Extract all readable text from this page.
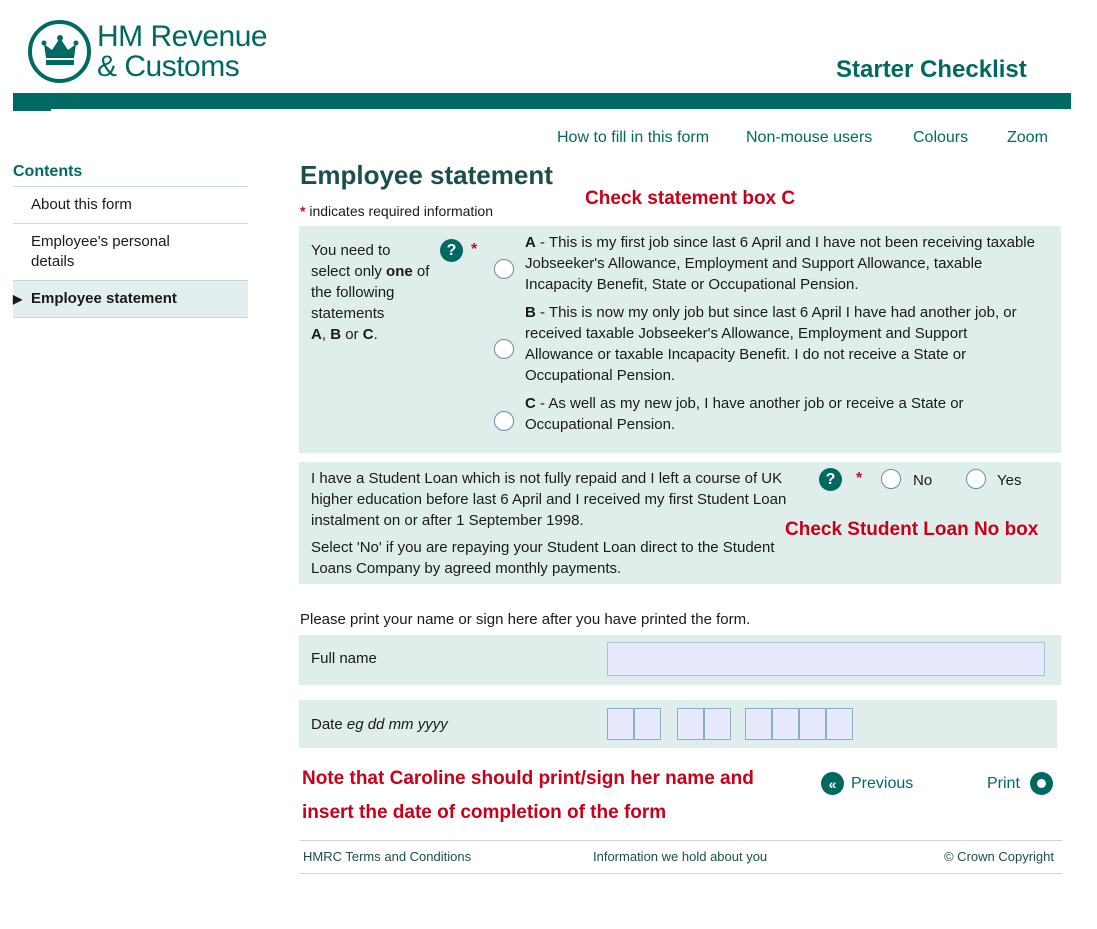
HM Revenue
& Customs	Starter Checklist
How to fill in this form Non-mouse users	Colours Zoom
Contents
About this form
Employee's personal details
▶ Employee statement
Employee statement
* indicates required information
Check statement box C
You need to select only one of the following statements
A, B or C.
? *	A - This is my first job since last 6 April and I have not been receiving taxable Jobseeker's Allowance, Employment and Support Allowance, taxable Incapacity Benefit, State or Occupational Pension.
B - This is now my only job but since last 6 April I have had another job, or received taxable Jobseeker's Allowance, Employment and Support Allowance or taxable Incapacity Benefit. I do not receive a State or Occupational Pension.
C - As well as my new job, I have another job or receive a State or Occupational Pension.
I have a Student Loan which is not fully repaid and I left a course of UK higher education before last 6 April and I received my first Student Loan instalment on or after 1 September 1998.
Select 'No' if you are repaying your Student Loan direct to the Student Loans Company by agreed monthly payments.
?	*	No	Yes
Check Student Loan No box
Please print your name or sign here after you have printed the form.
Full name
Date eg dd mm yyyy
Note that Caroline should print/sign her name and
insert the date of completion of the form
« Previous	Print
HMRC Terms and Conditions	Information we hold about you	© Crown Copyright
